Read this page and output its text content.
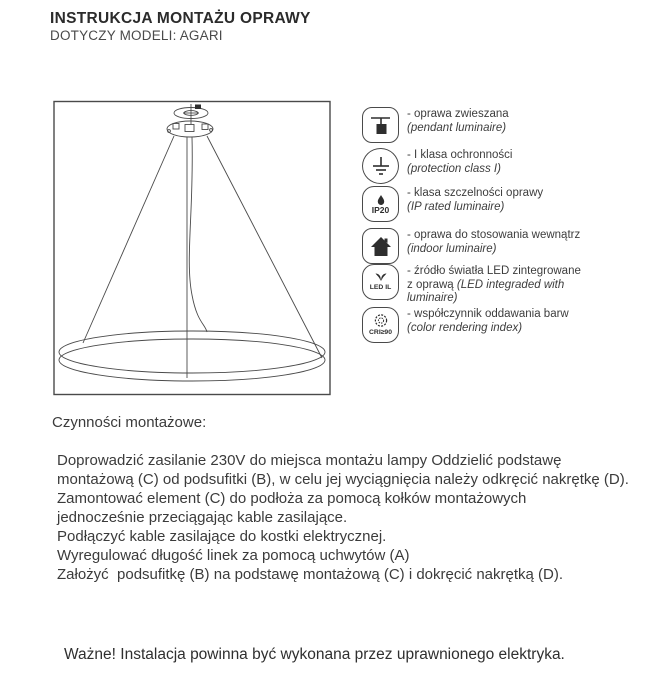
INSTRUKCJA MONTAŻU OPRAWY
DOTYCZY MODELI: AGARI
- oprawa zwieszana
(pendant luminaire)
- I klasa ochronności
(protection class I)
IP20
- klasa szczelności oprawy
(IP rated luminaire)
- oprawa do stosowania wewnątrz (indoor luminaire)
LED IL
- źródło światła LED zintegrowane z oprawą (LED integraded with luminaire)
CRI≥90
- współczynnik oddawania barw
(color rendering index)
Czynności montażowe:
Doprowadzić zasilanie 230V do miejsca montażu lampy Oddzielić podstawę
montażową (C) od podsufitki (B), w celu jej wyciągnięcia należy odkręcić nakrętkę (D).
Zamontować element (C) do podłoża za pomocą kołków montażowych
jednocześnie przeciągając kable zasilające.
Podłączyć kable zasilające do kostki elektrycznej.
Wyregulować długość linek za pomocą uchwytów (A)
Założyć  podsufitkę (B) na podstawę montażową (C) i dokręcić nakrętką (D).
Ważne! Instalacja powinna być wykonana przez uprawnionego elektryka.
